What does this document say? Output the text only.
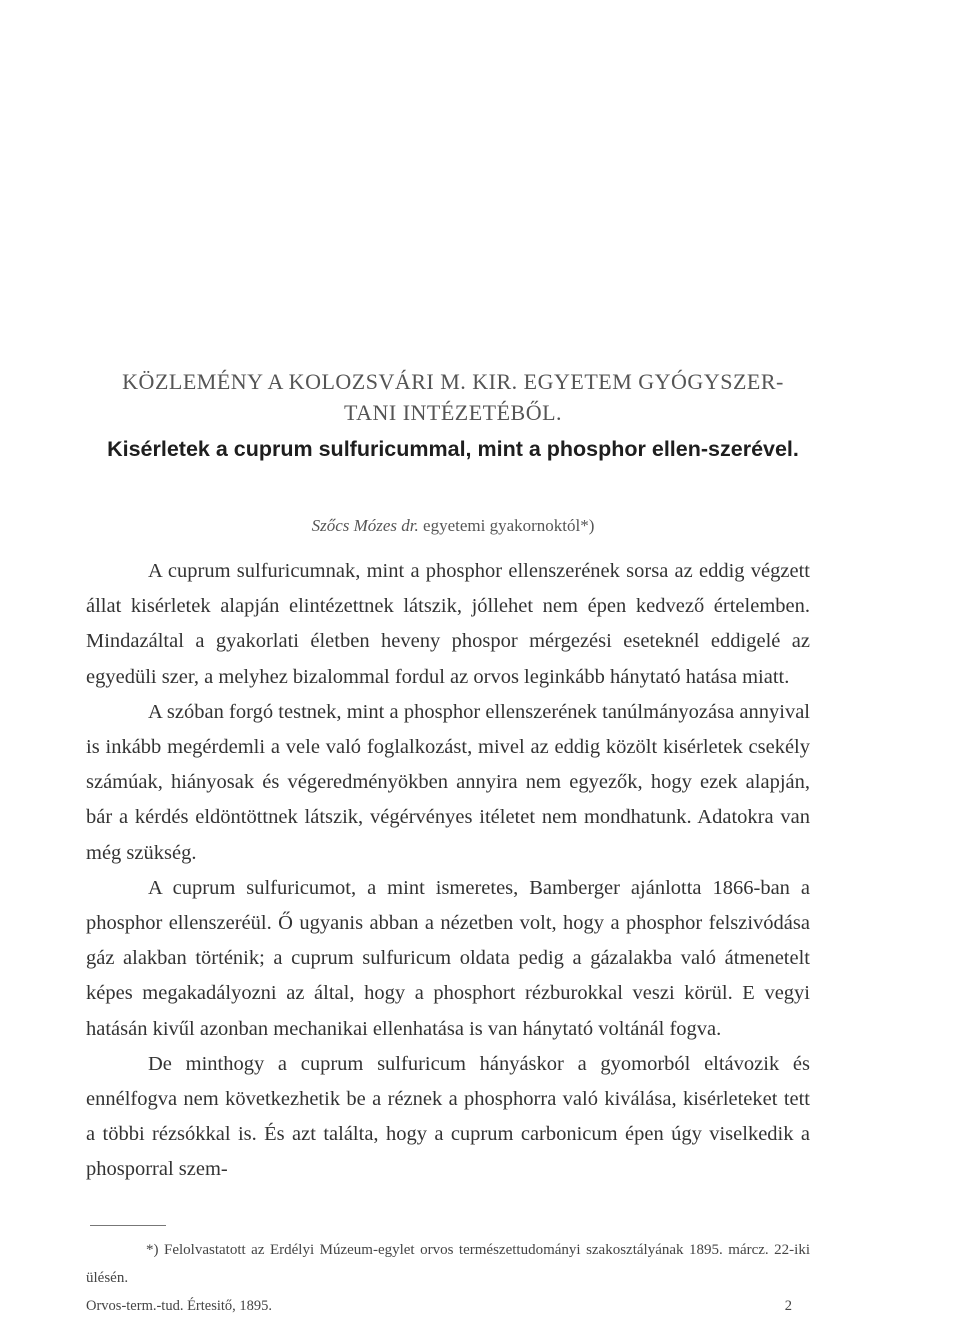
KÖZLEMÉNY A KOLOZSVÁRI M. KIR. EGYETEM GYÓGYSZER-
TANI INTÉZETÉBŐL.
Kisérletek a cuprum sulfuricummal, mint a phosphor ellen-szerével.
Szőcs Mózes dr. egyetemi gyakornoktól*)

A cuprum sulfuricumnak, mint a phosphor ellenszerének sorsa az eddig végzett állat kisérletek alapján elintézettnek látszik, jóllehet nem épen kedvező értelemben. Mindazáltal a gyakorlati életben heveny phospor mérgezési eseteknél eddigelé az egyedüli szer, a melyhez bizalommal fordul az orvos leginkább hánytató hatása miatt.

A szóban forgó testnek, mint a phosphor ellenszerének tanúlmányozása annyival is inkább megérdemli a vele való foglalkozást, mivel az eddig közölt kisérletek csekély számúak, hiányosak és végeredményökben annyira nem egyezők, hogy ezek alapján, bár a kérdés eldöntöttnek látszik, végérvényes itéletet nem mondhatunk. Adatokra van még szükség.

A cuprum sulfuricumot, a mint ismeretes, Bamberger ajánlotta 1866-ban a phosphor ellenszeréül. Ő ugyanis abban a nézetben volt, hogy a phosphor felszivódása gáz alakban történik; a cuprum sulfuricum oldata pedig a gázalakba való átmenetelt képes megakadályozni az által, hogy a phosphort rézburokkal veszi körül. E vegyi hatásán kivűl azonban mechanikai ellenhatása is van hánytató voltánál fogva.

De minthogy a cuprum sulfuricum hányáskor a gyomorból eltávozik és ennélfogva nem következhetik be a réznek a phosphorra való kiválása, kisérleteket tett a többi rézsókkal is. És azt találta, hogy a cuprum carbonicum épen úgy viselkedik a phosporral szem-

*) Felolvastatott az Erdélyi Múzeum-egylet orvos természettudományi szakosztályának 1895. márcz. 22-iki ülésén.

Orvos-term.-tud. Értesitő, 1895.	2
